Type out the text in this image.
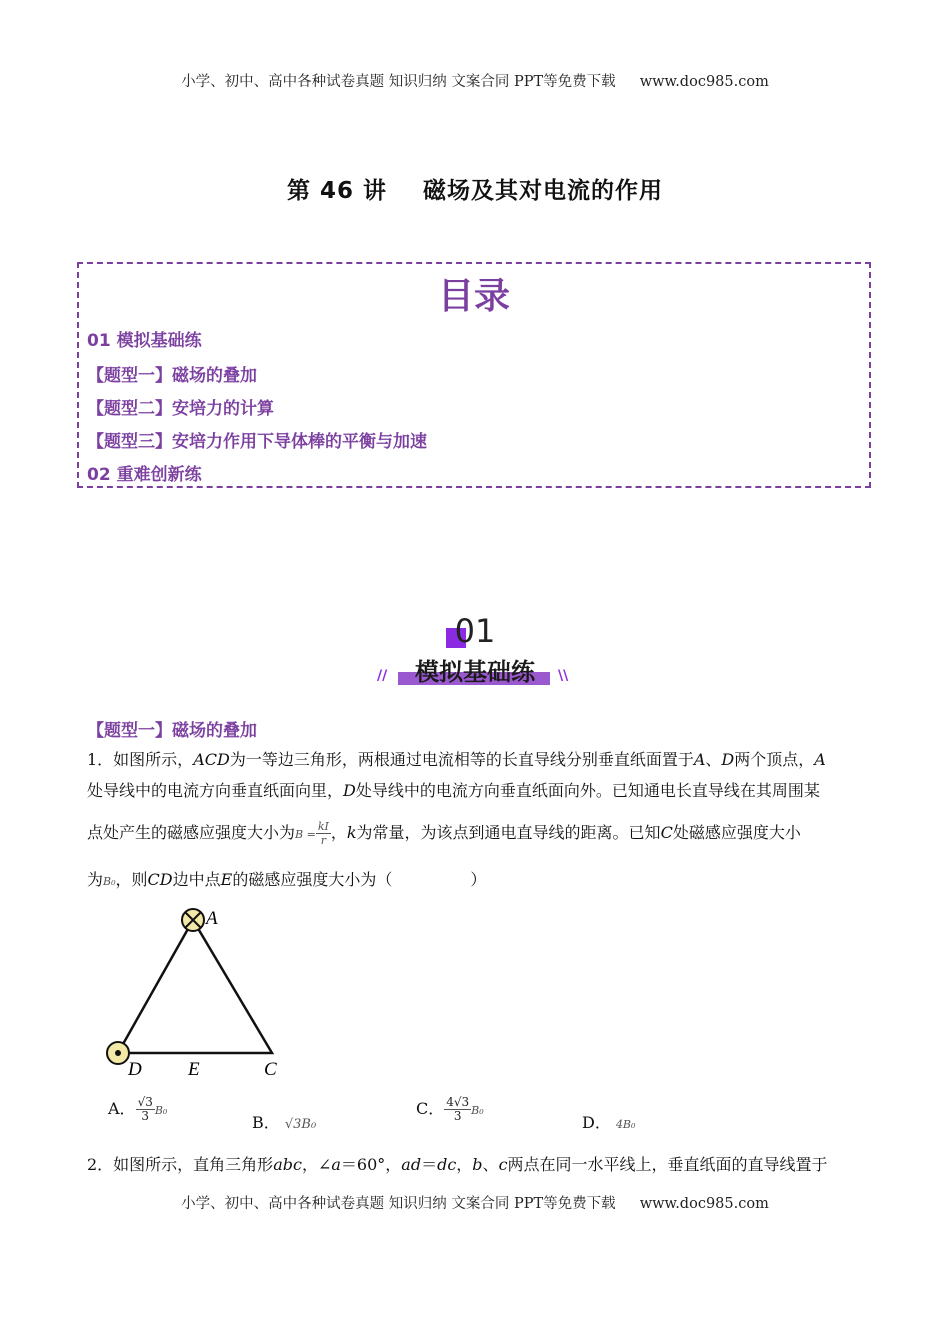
小学、初中、高中各种试卷真题 知识归纳 文案合同 PPT等免费下载 www.doc985.com
第 46 讲 磁场及其对电流的作用
目录
01 模拟基础练
【题型一】磁场的叠加
【题型二】安培力的计算
【题型三】安培力作用下导体棒的平衡与加速
02 重难创新练
01
模拟基础练
//	\\
【题型一】磁场的叠加
1．如图所示，ACD为一等边三角形，两根通过电流相等的长直导线分别垂直纸面置于A、D两个顶点，A
处导线中的电流方向垂直纸面向里，D处导线中的电流方向垂直纸面向外。已知通电长直导线在其周围某
点处产生的磁感应强度大小为$B = \frac{kI}{r}$ ，k为常量，为该点到通电直导线的距离。已知C处磁感应强度大小
为B₀，则CD边中点E的磁感应强度大小为（	）
A
D E	C
A． $\frac{√3}{3} B_0$
B． √3B₀
C． $\frac{4√3}{3} B_0$
D． 4B₀
2．如图所示，直角三角形abc，∠a＝60°，ad＝dc，b、c两点在同一水平线上，垂直纸面的直导线置于
小学、初中、高中各种试卷真题 知识归纳 文案合同 PPT等免费下载 www.doc985.com
